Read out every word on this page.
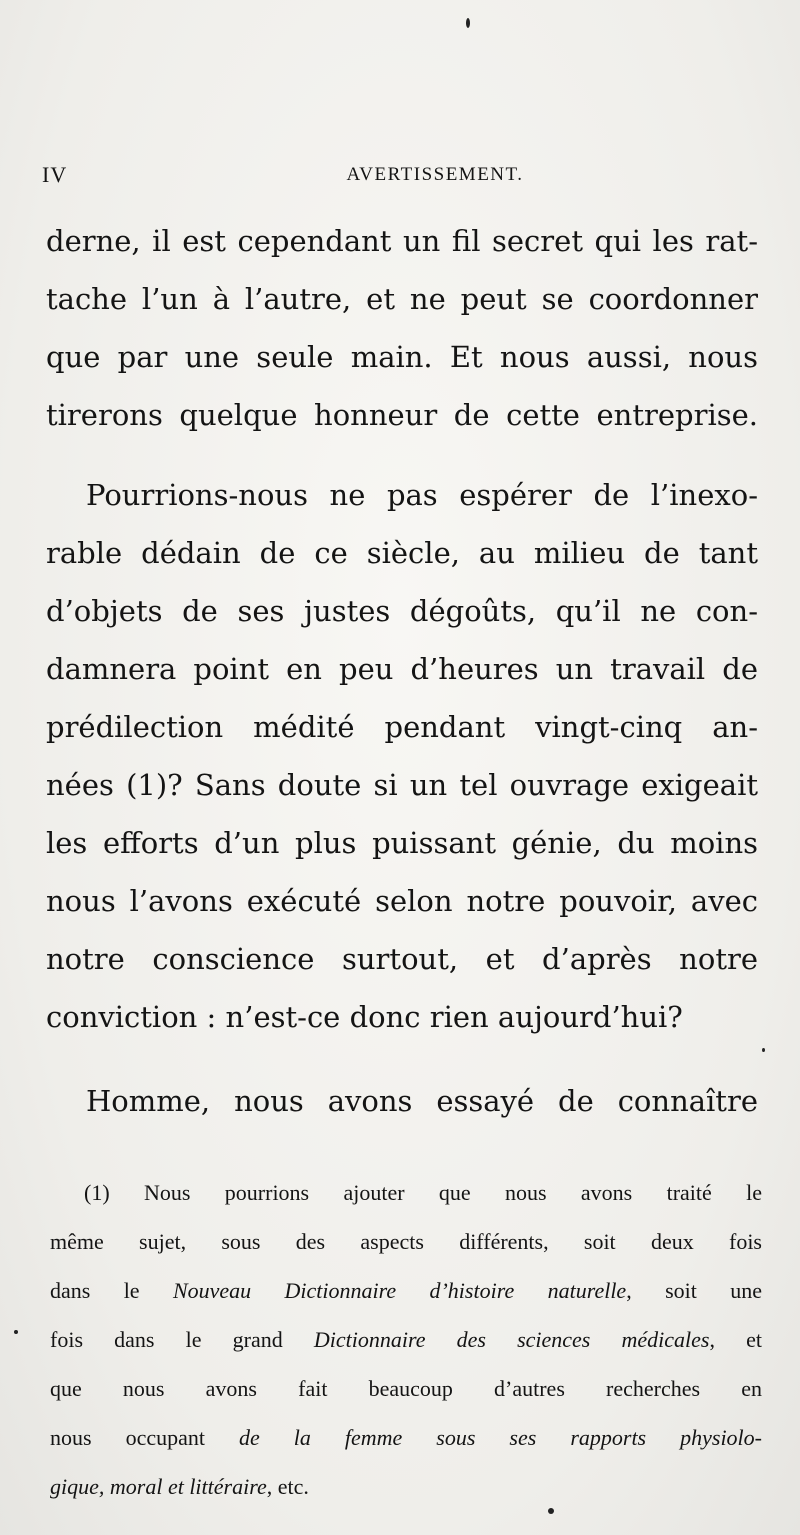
IV	AVERTISSEMENT.
derne, il est cependant un fil secret qui les rat-
tache l’un à l’autre, et ne peut se coordonner
que par une seule main. Et nous aussi, nous
tirerons quelque honneur de cette entreprise.
Pourrions-nous ne pas espérer de l’inexo-
rable dédain de ce siècle, au milieu de tant
d’objets de ses justes dégoûts, qu’il ne con-
damnera point en peu d’heures un travail de
prédilection médité pendant vingt-cinq an-
nées (1)? Sans doute si un tel ouvrage exigeait
les efforts d’un plus puissant génie, du moins
nous l’avons exécuté selon notre pouvoir, avec
notre conscience surtout, et d’après notre
conviction : n’est-ce donc rien aujourd’hui?
Homme, nous avons essayé de connaître
(1) Nous pourrions ajouter que nous avons traité le
même sujet, sous des aspects différents, soit deux fois
dans le Nouveau Dictionnaire d’histoire naturelle, soit une
fois dans le grand Dictionnaire des sciences médicales, et
que nous avons fait beaucoup d’autres recherches en
nous occupant de la femme sous ses rapports physiolo-
gique, moral et littéraire, etc.
